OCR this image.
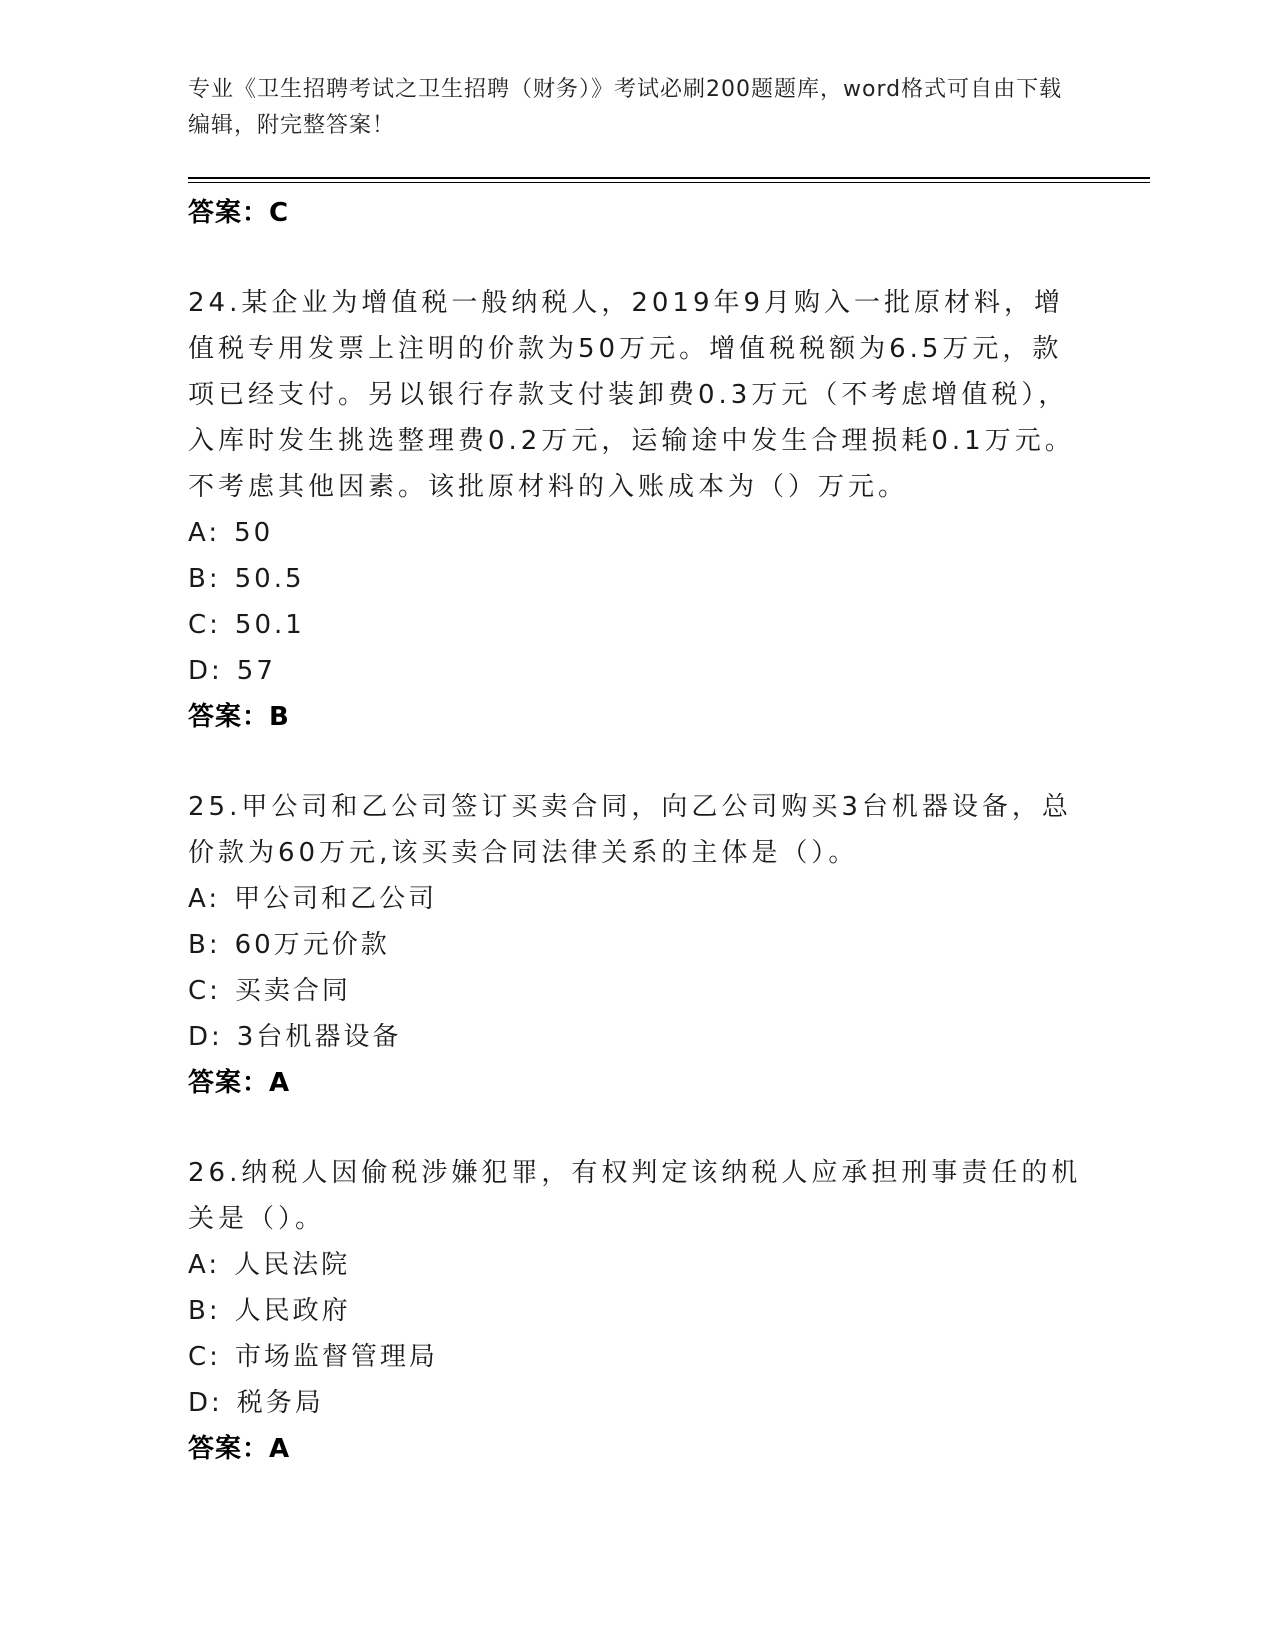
专业《卫生招聘考试之卫生招聘（财务）》考试必刷200题题库，word格式可自由下载编辑，附完整答案！
答案：C

24.某企业为增值税一般纳税人，2019年9月购入一批原材料，增值税专用发票上注明的价款为50万元。增值税税额为6.5万元，款项已经支付。另以银行存款支付装卸费0.3万元（不考虑增值税），入库时发生挑选整理费0.2万元，运输途中发生合理损耗0.1万元。不考虑其他因素。该批原材料的入账成本为（）万元。

A: 50
B: 50.5
C: 50.1
D: 57
答案：B

25.甲公司和乙公司签订买卖合同，向乙公司购买3台机器设备，总价款为60万元,该买卖合同法律关系的主体是（）。

A: 甲公司和乙公司
B: 60万元价款
C: 买卖合同
D: 3台机器设备
答案：A

26.纳税人因偷税涉嫌犯罪，有权判定该纳税人应承担刑事责任的机关是（）。

A: 人民法院
B: 人民政府
C: 市场监督管理局
D: 税务局
答案：A
